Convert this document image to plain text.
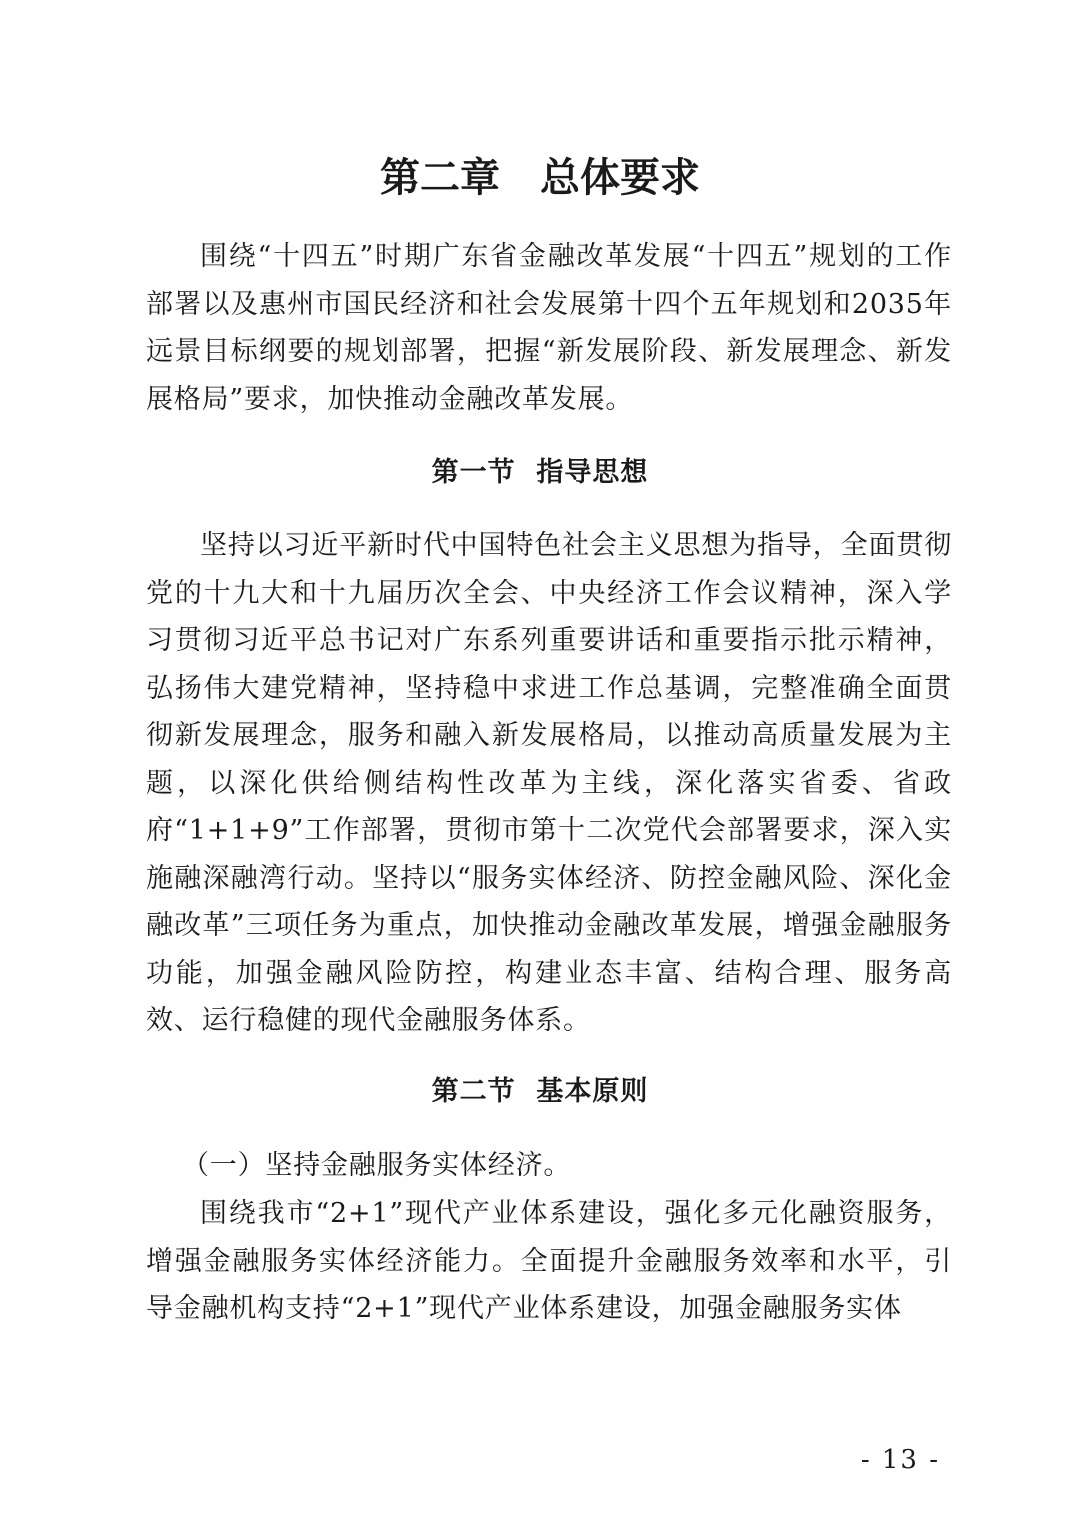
第二章　总体要求

围绕“十四五”时期广东省金融改革发展“十四五”规划的工作部署以及惠州市国民经济和社会发展第十四个五年规划和2035年远景目标纲要的规划部署，把握“新发展阶段、新发展理念、新发展格局”要求，加快推动金融改革发展。

第一节  指导思想

坚持以习近平新时代中国特色社会主义思想为指导，全面贯彻党的十九大和十九届历次全会、中央经济工作会议精神，深入学习贯彻习近平总书记对广东系列重要讲话和重要指示批示精神，弘扬伟大建党精神，坚持稳中求进工作总基调，完整准确全面贯彻新发展理念，服务和融入新发展格局，以推动高质量发展为主题，以深化供给侧结构性改革为主线，深化落实省委、省政府“1+1+9”工作部署，贯彻市第十二次党代会部署要求，深入实施融深融湾行动。坚持以“服务实体经济、防控金融风险、深化金融改革”三项任务为重点，加快推动金融改革发展，增强金融服务功能，加强金融风险防控，构建业态丰富、结构合理、服务高效、运行稳健的现代金融服务体系。

第二节  基本原则

（一）坚持金融服务实体经济。

围绕我市“2+1”现代产业体系建设，强化多元化融资服务，增强金融服务实体经济能力。全面提升金融服务效率和水平，引导金融机构支持“2+1”现代产业体系建设，加强金融服务实体

- 13 -
